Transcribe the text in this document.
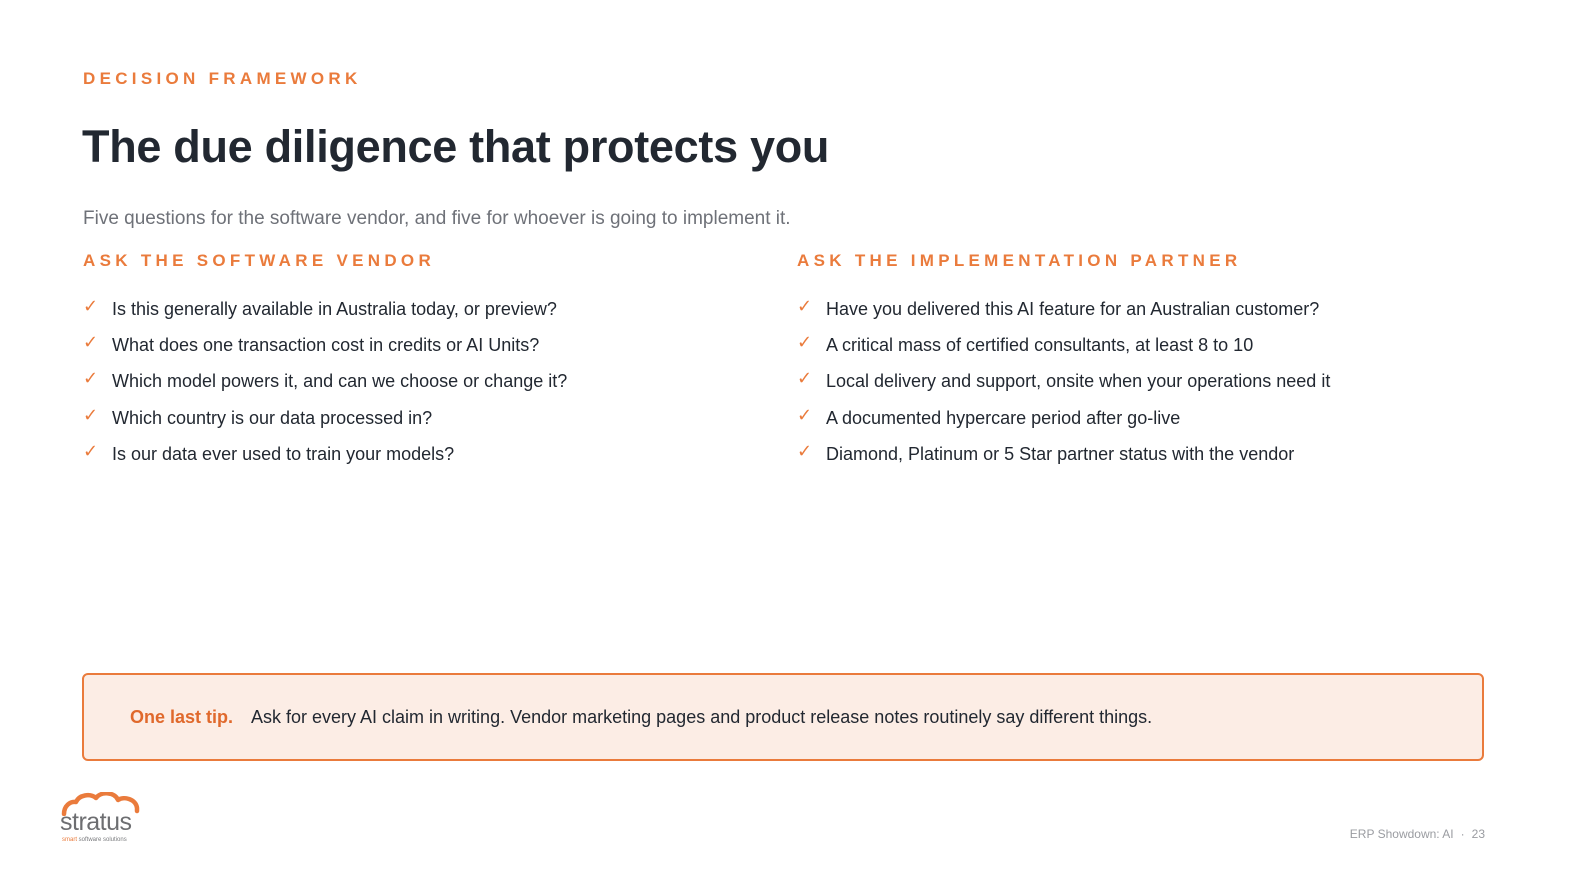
DECISION FRAMEWORK
The due diligence that protects you
Five questions for the software vendor, and five for whoever is going to implement it.
ASK THE SOFTWARE VENDOR
✓ Is this generally available in Australia today, or preview?
✓ What does one transaction cost in credits or AI Units?
✓ Which model powers it, and can we choose or change it?
✓ Which country is our data processed in?
✓ Is our data ever used to train your models?
ASK THE IMPLEMENTATION PARTNER
✓ Have you delivered this AI feature for an Australian customer?
✓ A critical mass of certified consultants, at least 8 to 10
✓ Local delivery and support, onsite when your operations need it
✓ A documented hypercare period after go-live
✓ Diamond, Platinum or 5 Star partner status with the vendor
One last tip. Ask for every AI claim in writing. Vendor marketing pages and product release notes routinely say different things.
stratus
smart software solutions	ERP Showdown: AI · 23
